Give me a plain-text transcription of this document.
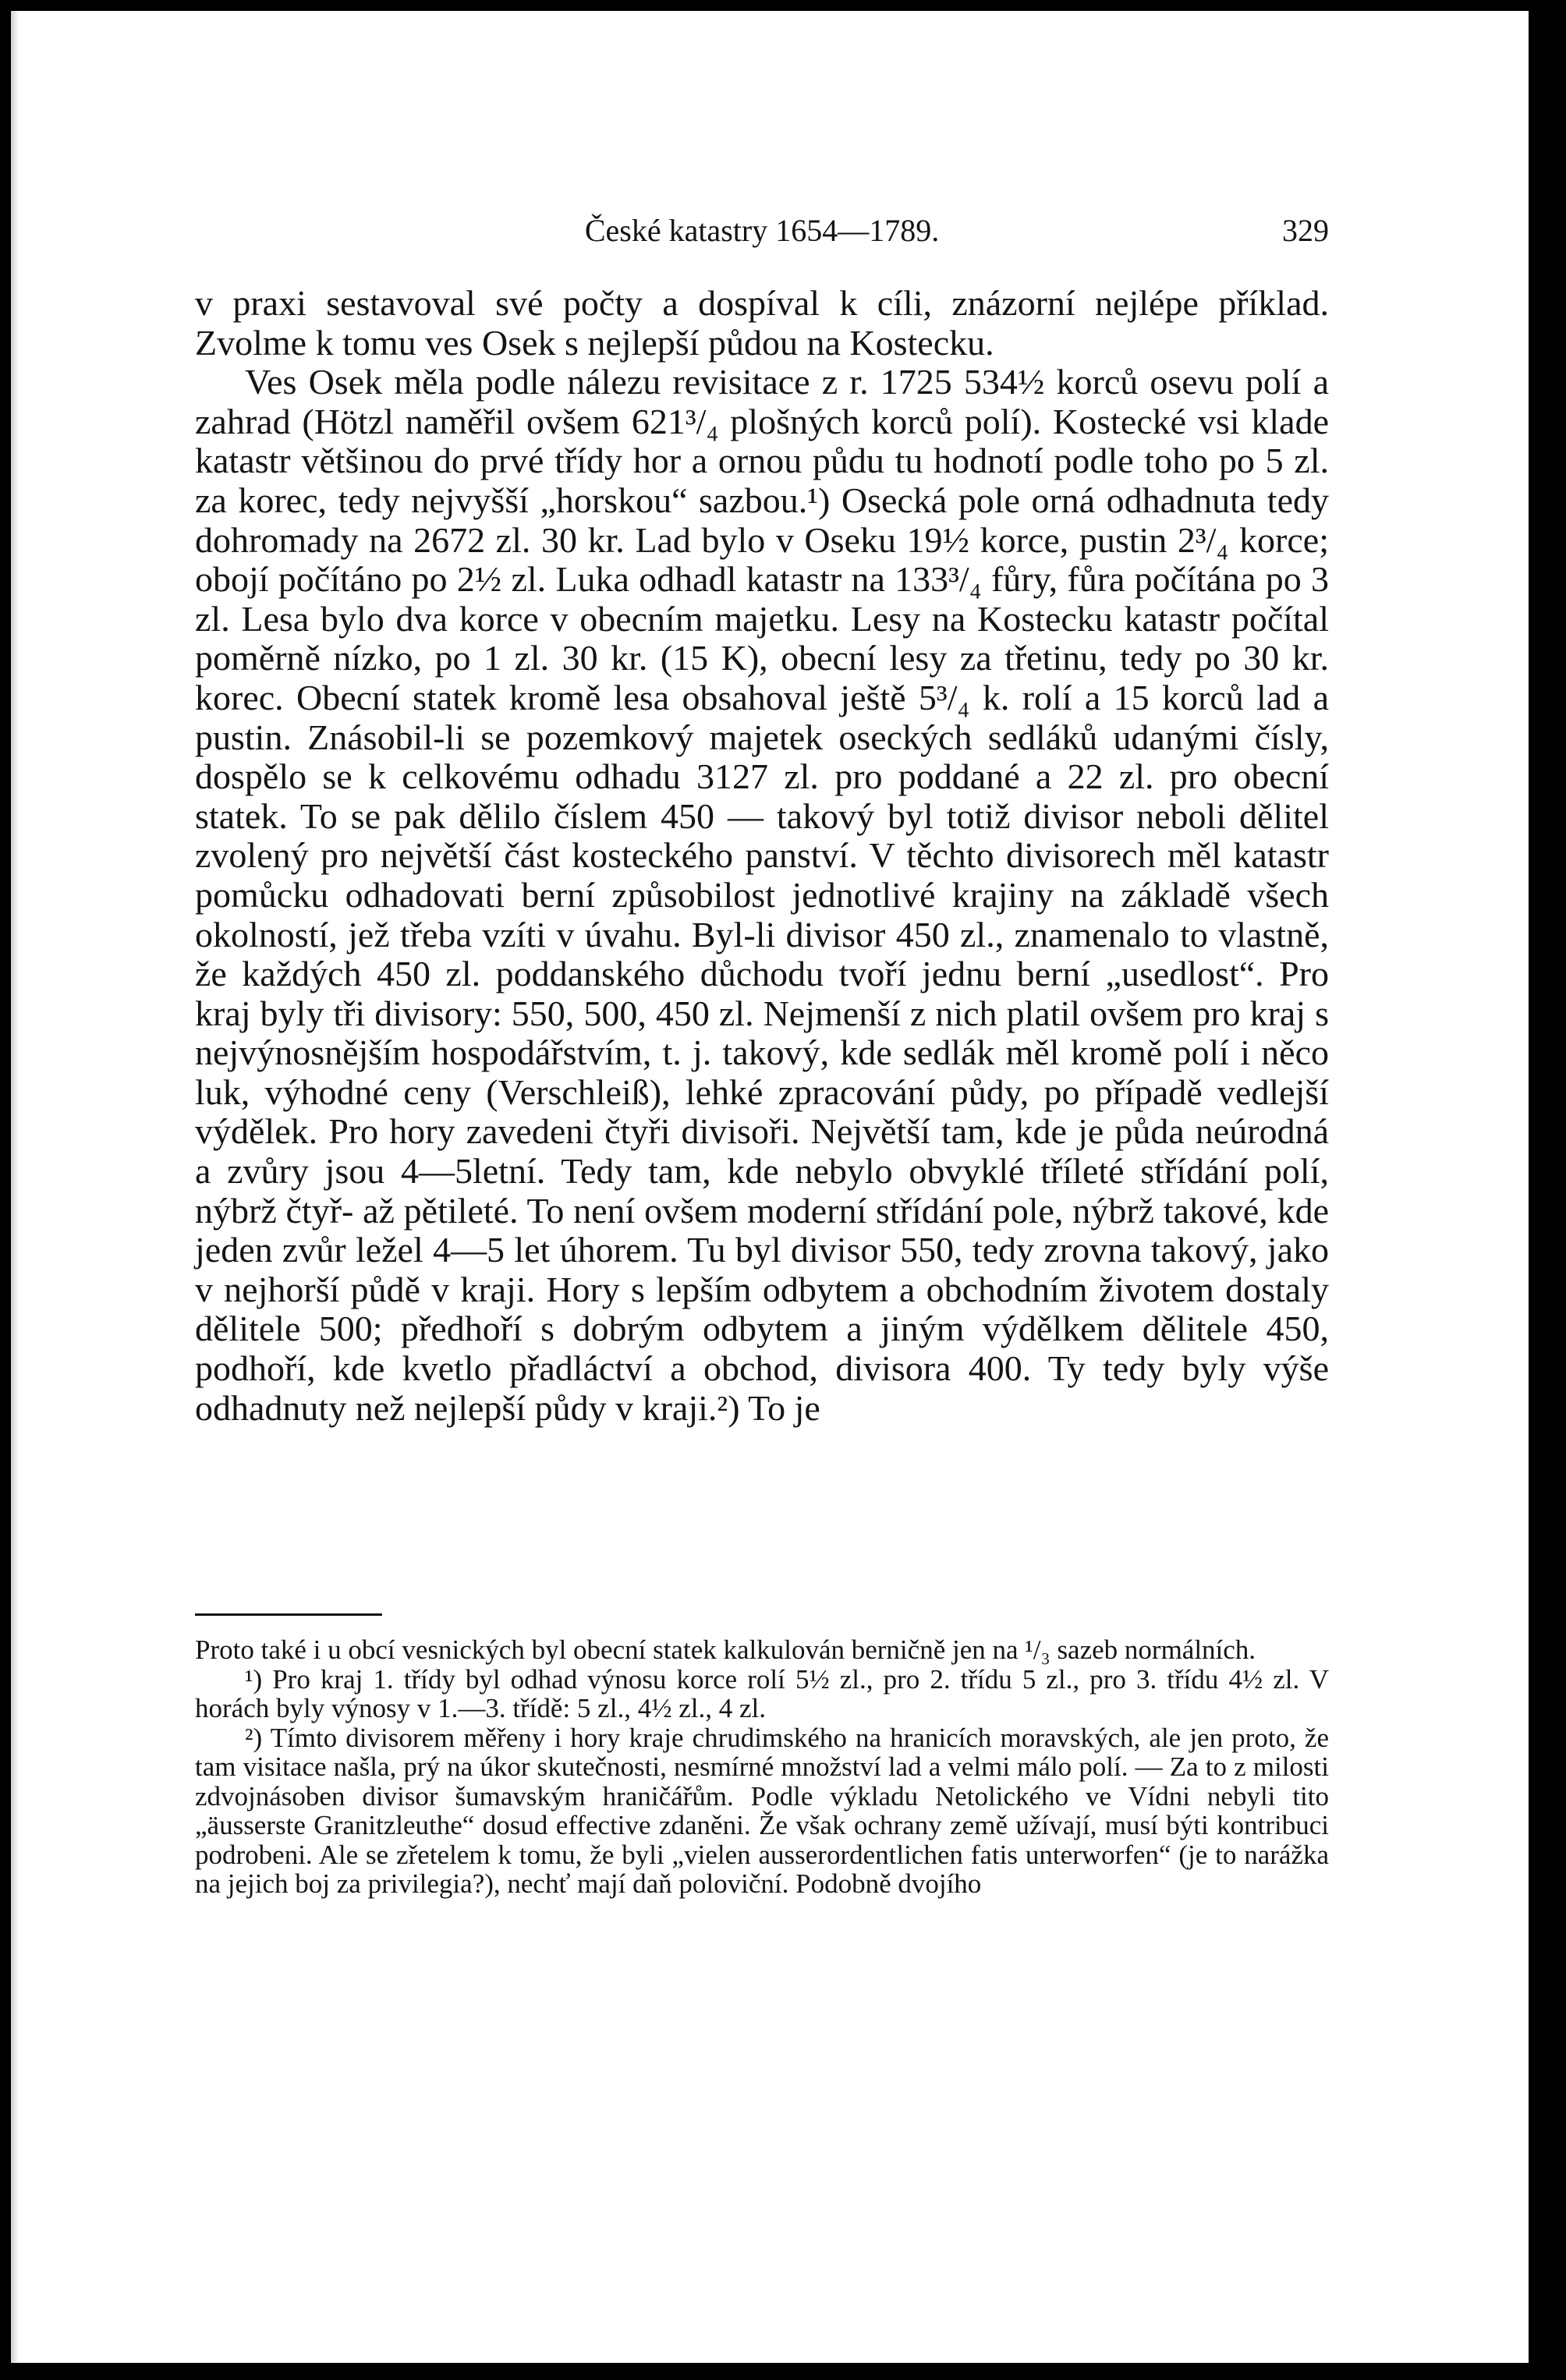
České katastry 1654—1789.	329

v praxi sestavoval své počty a dospíval k cíli, znázorní nejlépe příklad. Zvolme k tomu ves Osek s nejlepší půdou na Kostecku.

Ves Osek měla podle nálezu revisitace z r. 1725 534½ korců osevu polí a zahrad (Hötzl naměřil ovšem 621³/₄ plošných korců polí). Kostecké vsi klade katastr většinou do prvé třídy hor a ornou půdu tu hodnotí podle toho po 5 zl. za korec, tedy nejvyšší „horskou“ sazbou.¹) Osecká pole orná odhadnuta tedy dohromady na 2672 zl. 30 kr. Lad bylo v Oseku 19½ korce, pustin 2³/₄ korce; obojí počítáno po 2½ zl. Luka odhadl katastr na 133³/₄ fůry, fůra počítána po 3 zl. Lesa bylo dva korce v obecním majetku. Lesy na Kostecku katastr počítal poměrně nízko, po 1 zl. 30 kr. (15 K), obecní lesy za třetinu, tedy po 30 kr. korec. Obecní statek kromě lesa obsahoval ještě 5³/₄ k. rolí a 15 korců lad a pustin. Znásobil-li se pozemkový majetek oseckých sedláků udanými čísly, dospělo se k celkovému odhadu 3127 zl. pro poddané a 22 zl. pro obecní statek. To se pak dělilo číslem 450 — takový byl totiž divisor neboli dělitel zvolený pro největší část kosteckého panství. V těchto divisorech měl katastr pomůcku odhadovati berní způsobilost jednotlivé krajiny na základě všech okolností, jež třeba vzíti v úvahu. Byl-li divisor 450 zl., znamenalo to vlastně, že každých 450 zl. poddanského důchodu tvoří jednu berní „usedlost“. Pro kraj byly tři divisory: 550, 500, 450 zl. Nejmenší z nich platil ovšem pro kraj s nejvýnosnějším hospodářstvím, t. j. takový, kde sedlák měl kromě polí i něco luk, výhodné ceny (Verschleiß), lehké zpracování půdy, po případě vedlejší výdělek. Pro hory zavedeni čtyři divisoři. Největší tam, kde je půda neúrodná a zvůry jsou 4—5letní. Tedy tam, kde nebylo obvyklé tříleté střídání polí, nýbrž čtyř- až pětileté. To není ovšem moderní střídání pole, nýbrž takové, kde jeden zvůr ležel 4—5 let úhorem. Tu byl divisor 550, tedy zrovna takový, jako v nejhorší půdě v kraji. Hory s lepším odbytem a obchodním životem dostaly dělitele 500; předhoří s dobrým odbytem a jiným výdělkem dělitele 450, podhoří, kde kvetlo přadláctví a obchod, divisora 400. Ty tedy byly výše odhadnuty než nejlepší půdy v kraji.²) To je

Proto také i u obcí vesnických byl obecní statek kalkulován berničně jen na ¹/₃ sazeb normálních.

¹) Pro kraj 1. třídy byl odhad výnosu korce rolí 5½ zl., pro 2. třídu 5 zl., pro 3. třídu 4½ zl. V horách byly výnosy v 1.—3. třídě: 5 zl., 4½ zl., 4 zl.

²) Tímto divisorem měřeny i hory kraje chrudimského na hranicích moravských, ale jen proto, že tam visitace našla, prý na úkor skutečnosti, nesmírné množství lad a velmi málo polí. — Za to z milosti zdvojnásoben divisor šumavským hraničářům. Podle výkladu Netolického ve Vídni nebyli tito „äusserste Granitzleuthe“ dosud effective zdaněni. Že však ochrany země užívají, musí býti kontribuci podrobeni. Ale se zřetelem k tomu, že byli „vielen ausserordentlichen fatis unterworfen“ (je to narážka na jejich boj za privilegia?), nechť mají daň poloviční. Podobně dvojího
